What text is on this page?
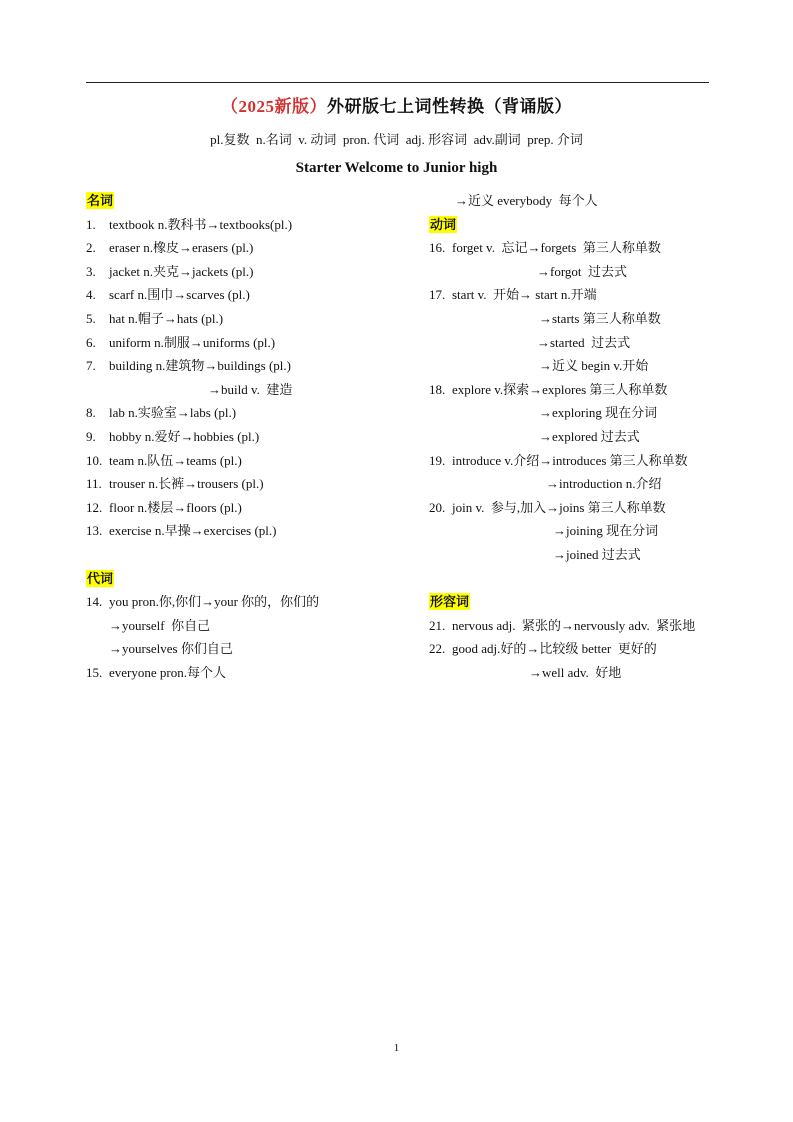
（2025新版）外研版七上词性转换（背诵版）
pl.复数  n.名词  v. 动词  pron. 代词  adj. 形容词  adv.副词  prep. 介词
Starter Welcome to Junior high
名词
1. textbook n.教科书→textbooks(pl.)
2. eraser n.橡皮→erasers (pl.)
3. jacket n.夹克→jackets (pl.)
4. scarf n.围巾→scarves (pl.)
5. hat n.帽子→hats (pl.)
6. uniform n.制服→uniforms (pl.)
7. building n.建筑物→buildings (pl.)
→build v.  建造
8. lab n.实验室→labs (pl.)
9. hobby n.爱好→hobbies (pl.)
10. team n.队伍→teams (pl.)
11. trouser n.长裤→trousers (pl.)
12. floor n.楼层→floors (pl.)
13. exercise n.早操→exercises (pl.)
代词
14. you pron.你,你们→your 你的，你们的
→yourself  你自己
→yourselves 你们自己
15. everyone pron.每个人
→近义 everybody  每个人
动词
16. forget v.  忘记→forgets  第三人称单数
→forgot  过去式
17. start v.  开始→ start n.开端
→starts 第三人称单数
→started  过去式
→近义 begin v.开始
18. explore v.探索→explores 第三人称单数
→exploring 现在分词
→explored 过去式
19. introduce v.介绍→introduces 第三人称单数
→introduction n.介绍
20. join v.  参与,加入→joins 第三人称单数
→joining 现在分词
→joined 过去式
形容词
21. nervous adj.  紧张的→nervously adv.  紧张地
22. good adj.好的→比较级 better  更好的
→well adv.  好地
1
